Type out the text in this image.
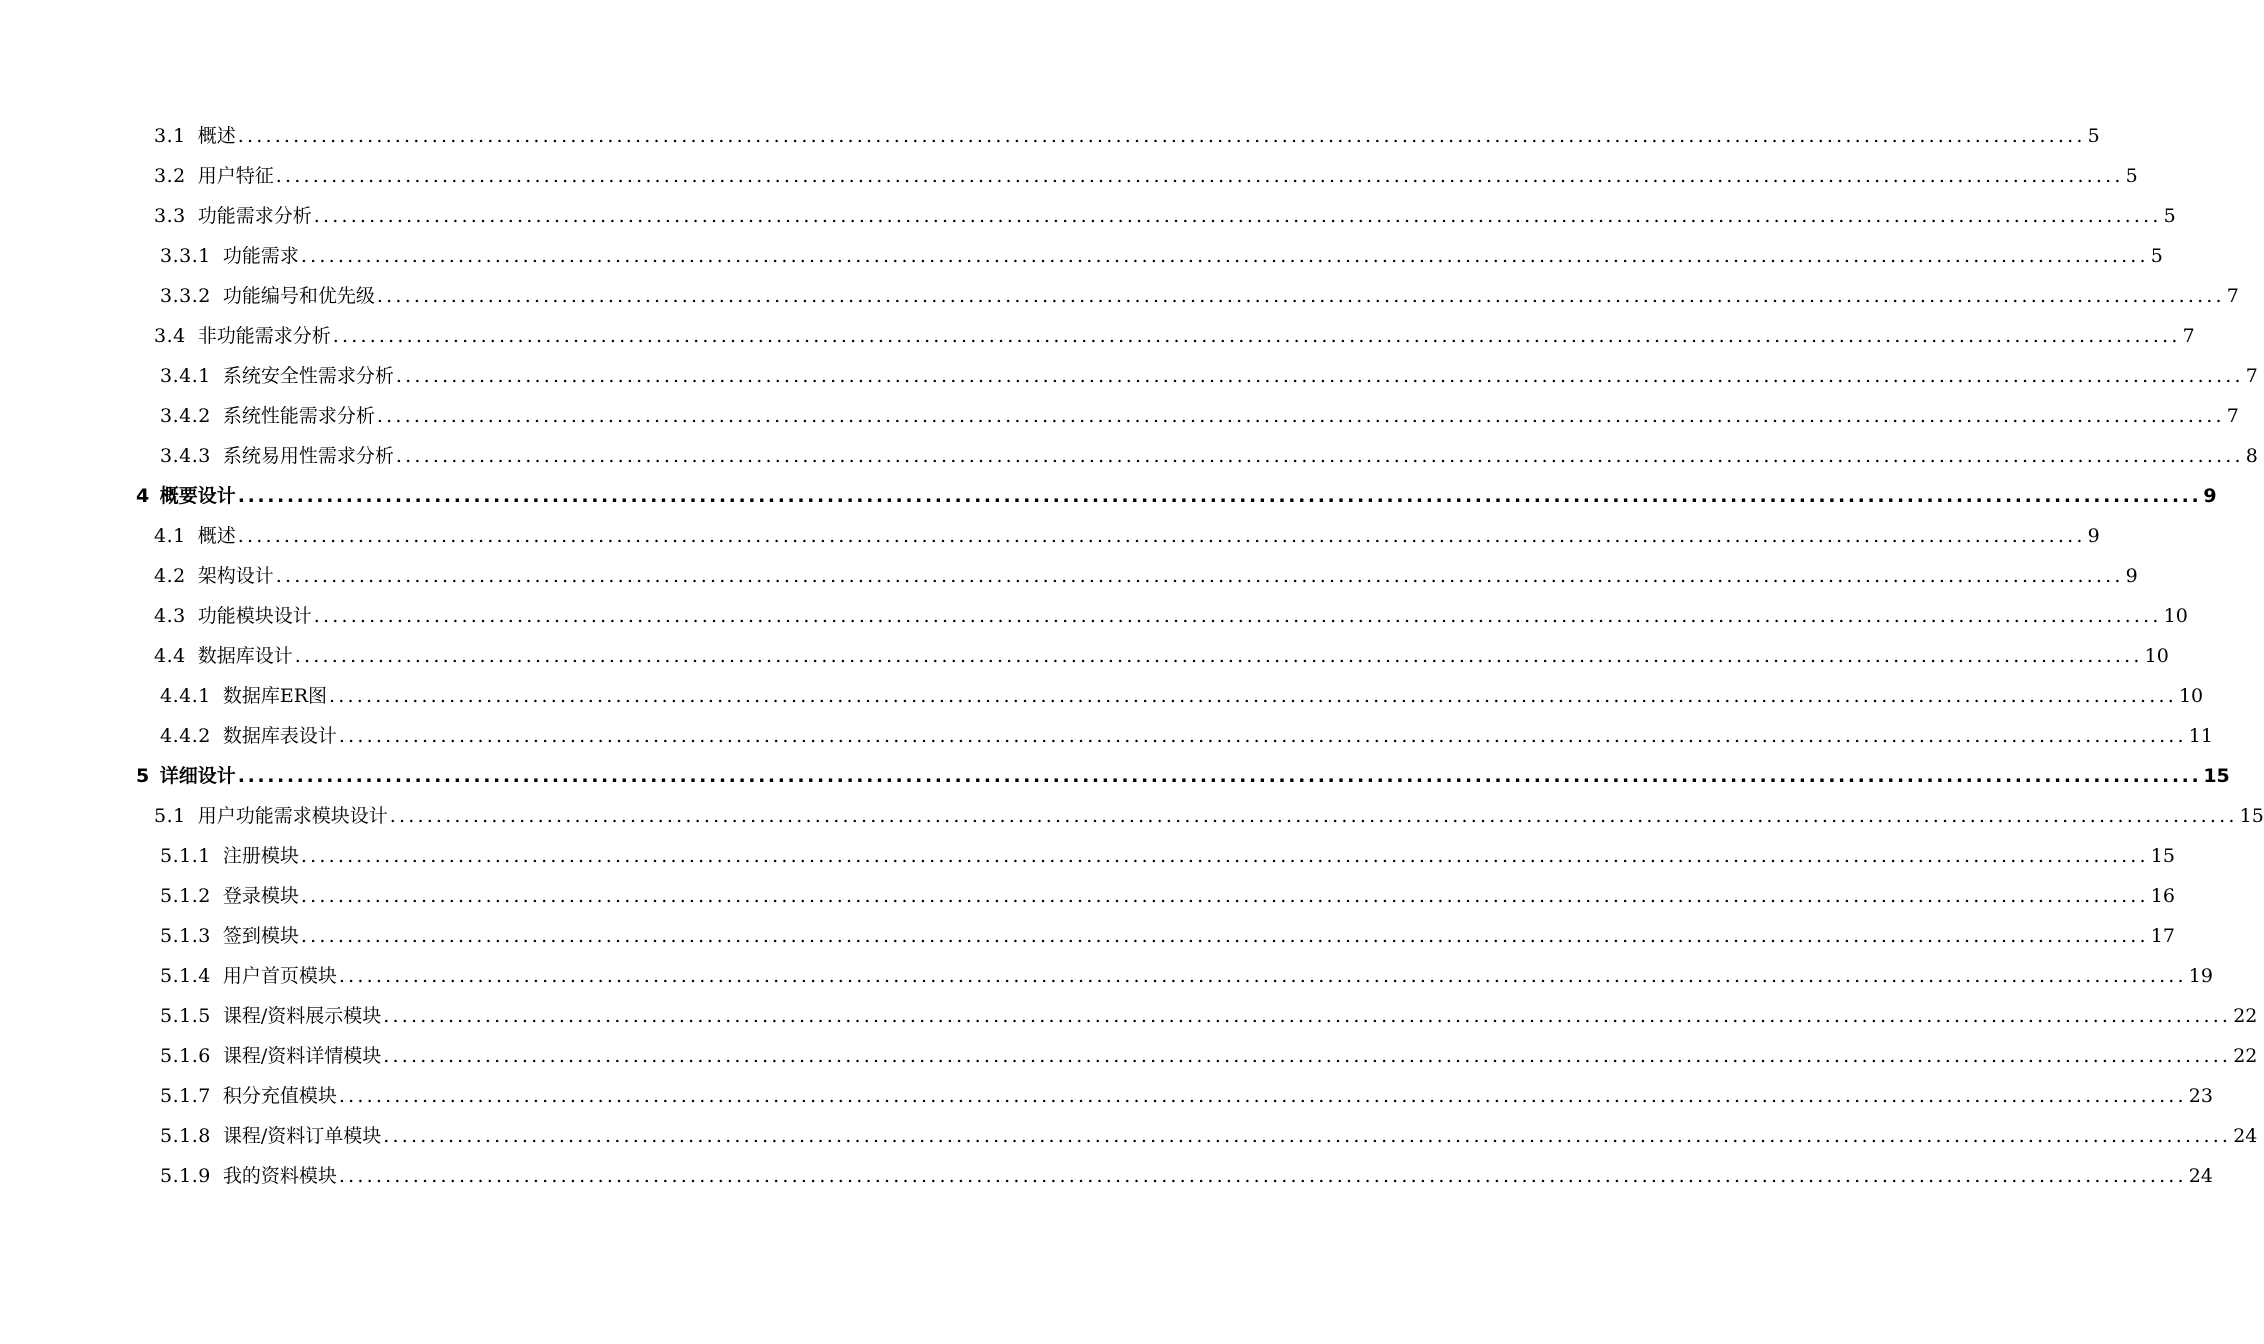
3.1 概述 ........................................................................................................................................................................................................ 5
3.2 用户特征 ........................................................................................................................................................................................................ 5
3.3 功能需求分析 ........................................................................................................................................................................................................ 5
3.3.1 功能需求 ........................................................................................................................................................................................................ 5
3.3.2 功能编号和优先级 ........................................................................................................................................................................................................ 7
3.4 非功能需求分析 ........................................................................................................................................................................................................ 7
3.4.1 系统安全性需求分析 ........................................................................................................................................................................................................ 7
3.4.2 系统性能需求分析 ........................................................................................................................................................................................................ 7
3.4.3 系统易用性需求分析 ........................................................................................................................................................................................................ 8
4 概要设计 ........................................................................................................................................................................................................ 9
4.1 概述 ........................................................................................................................................................................................................ 9
4.2 架构设计 ........................................................................................................................................................................................................ 9
4.3 功能模块设计 ........................................................................................................................................................................................................ 10
4.4 数据库设计 ........................................................................................................................................................................................................ 10
4.4.1 数据库ER图 ........................................................................................................................................................................................................ 10
4.4.2 数据库表设计 ........................................................................................................................................................................................................ 11
5 详细设计 ........................................................................................................................................................................................................ 15
5.1 用户功能需求模块设计 ........................................................................................................................................................................................................ 15
5.1.1 注册模块 ........................................................................................................................................................................................................ 15
5.1.2 登录模块 ........................................................................................................................................................................................................ 16
5.1.3 签到模块 ........................................................................................................................................................................................................ 17
5.1.4 用户首页模块 ........................................................................................................................................................................................................ 19
5.1.5 课程/资料展示模块 ........................................................................................................................................................................................................ 22
5.1.6 课程/资料详情模块 ........................................................................................................................................................................................................ 22
5.1.7 积分充值模块 ........................................................................................................................................................................................................ 23
5.1.8 课程/资料订单模块 ........................................................................................................................................................................................................ 24
5.1.9 我的资料模块 ........................................................................................................................................................................................................ 24
